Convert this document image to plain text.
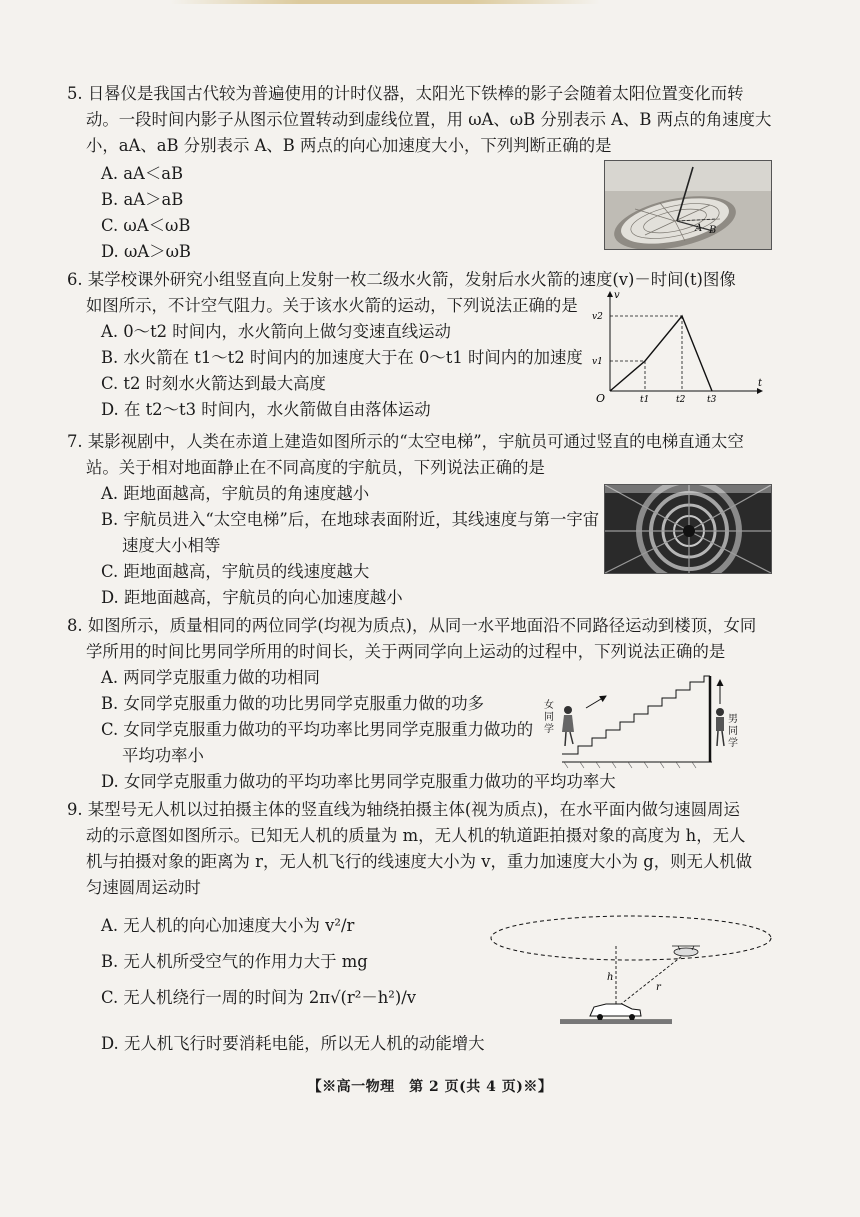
5. 日晷仪是我国古代较为普遍使用的计时仪器，太阳光下铁棒的影子会随着太阳位置变化而转
动。一段时间内影子从图示位置转动到虚线位置，用 ωA、ωB 分别表示 A、B 两点的角速度大
小，aA、aB 分别表示 A、B 两点的向心加速度大小，下列判断正确的是
A. aA＜aB
B. aA＞aB
C. ωA＜ωB
D. ωA＞ωB
A B
6. 某学校课外研究小组竖直向上发射一枚二级水火箭，发射后水火箭的速度(v)－时间(t)图像
如图所示，不计空气阻力。关于该水火箭的运动，下列说法正确的是
A. 0～t2 时间内，水火箭向上做匀变速直线运动
B. 水火箭在 t1～t2 时间内的加速度大于在 0～t1 时间内的加速度
C. t2 时刻水火箭达到最大高度
D. 在 t2～t3 时间内，水火箭做自由落体运动
v
t
O
v2
v1
t1	t2 t3
7. 某影视剧中，人类在赤道上建造如图所示的“太空电梯”，宇航员可通过竖直的电梯直通太空
站。关于相对地面静止在不同高度的宇航员，下列说法正确的是
A. 距地面越高，宇航员的角速度越小
B. 宇航员进入“太空电梯”后，在地球表面附近，其线速度与第一宇宙
速度大小相等
C. 距地面越高，宇航员的线速度越大
D. 距地面越高，宇航员的向心加速度越小
8. 如图所示，质量相同的两位同学(均视为质点)，从同一水平地面沿不同路径运动到楼顶，女同
学所用的时间比男同学所用的时间长，关于两同学向上运动的过程中，下列说法正确的是
A. 两同学克服重力做的功相同
B. 女同学克服重力做的功比男同学克服重力做的功多
C. 女同学克服重力做功的平均功率比男同学克服重力做功的
平均功率小
D. 女同学克服重力做功的平均功率比男同学克服重力做功的平均功率大
女
同
学
男
同
学
9. 某型号无人机以过拍摄主体的竖直线为轴绕拍摄主体(视为质点)，在水平面内做匀速圆周运
动的示意图如图所示。已知无人机的质量为 m，无人机的轨道距拍摄对象的高度为 h，无人
机与拍摄对象的距离为 r，无人机飞行的线速度大小为 v，重力加速度大小为 g，则无人机做
匀速圆周运动时
A. 无人机的向心加速度大小为 v²/r
B. 无人机所受空气的作用力大于 mg
C. 无人机绕行一周的时间为 2π√(r²－h²)/v
D. 无人机飞行时要消耗电能，所以无人机的动能增大
h
r
【※高一物理　第 2 页(共 4 页)※】
